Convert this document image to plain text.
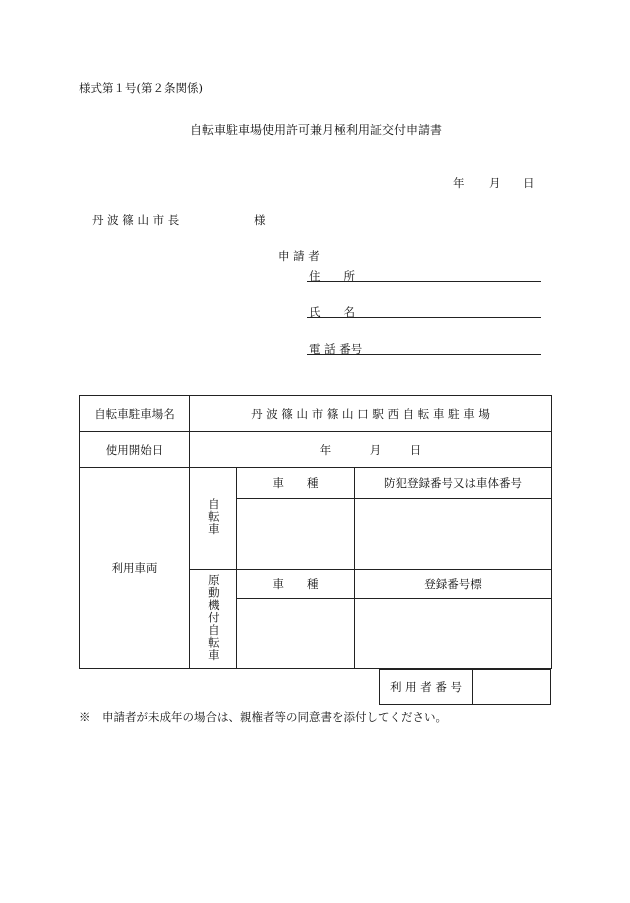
様式第１号(第２条関係)
自転車駐車場使用許可兼月極利用証交付申請書
年 月 日
丹 波 篠 山 市 長	様
申 請 者
住　　所
氏　　名
電 話 番号
自転車駐車場名	丹 波 篠 山 市 篠 山 口 駅 西 自 転 車 駐 車 場		
使用開始日	年 月 日		
利用車両	自転車	車　　種	防犯登録番号又は車体番号

	原動機付自転車	車　　種	登録番号標

利 用 者 番 号	
※　申請者が未成年の場合は、親権者等の同意書を添付してください。
